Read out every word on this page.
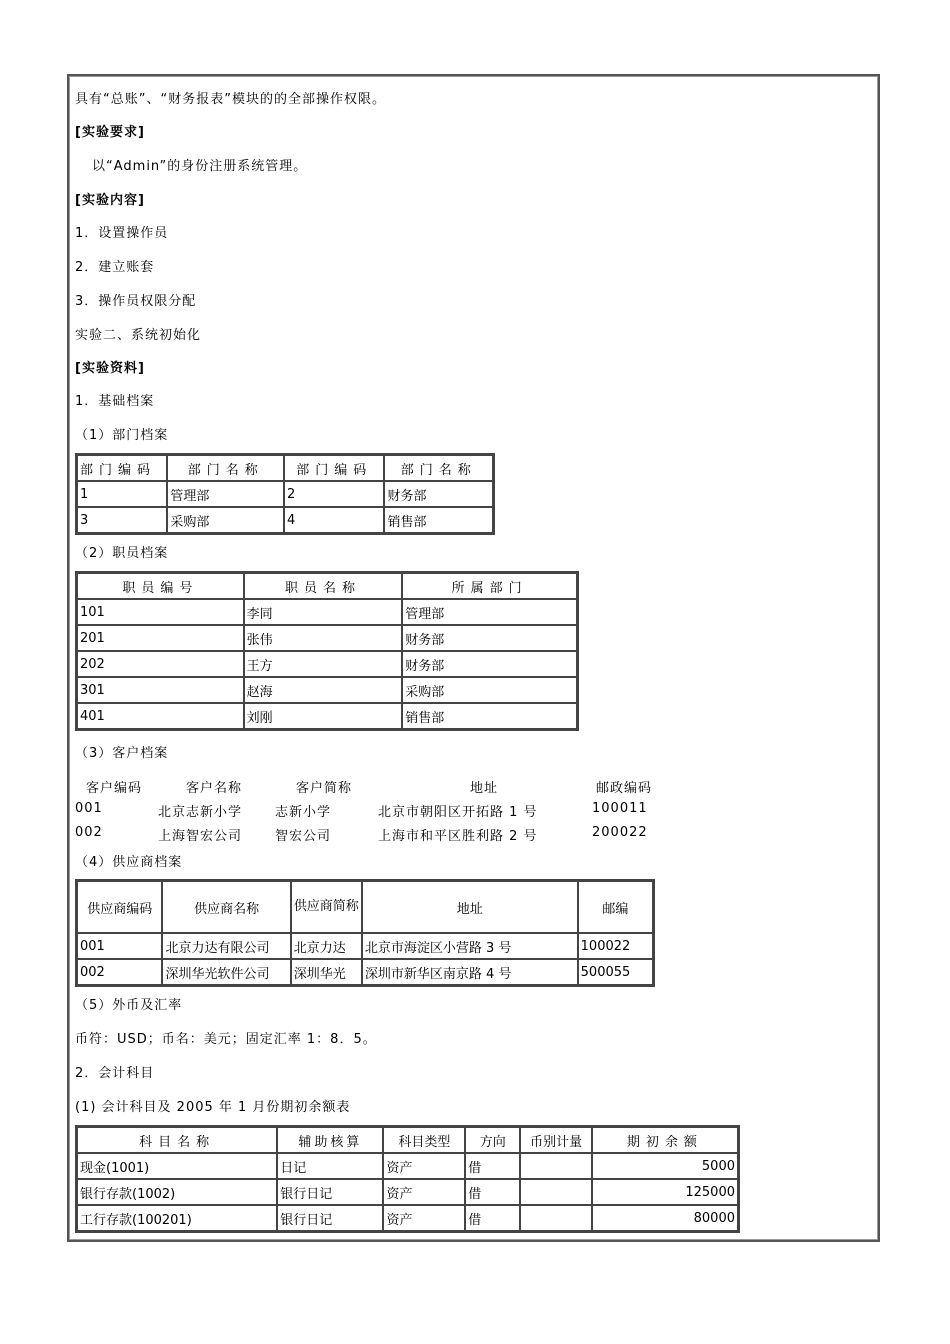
具有“总账”、“财务报表”模块的的全部操作权限。
[实验要求]
以“Admin”的身份注册系统管理。
[实验内容]
1．设置操作员
2．建立账套
3．操作员权限分配
实验二、系统初始化
[实验资料]
1．基础档案
（1）部门档案
部门编码	部门名称	部门编码	部门名称
1	管理部	2	财务部
3	采购部	4	销售部
（2）职员档案
职员编号	职员名称	所属部门
101	李同	管理部
201	张伟	财务部
202	王方	财务部
301	赵海	采购部
401	刘刚	销售部
（3）客户档案
客户编码	客户名称	客户简称	地址	邮政编码
001	北京志新小学	志新小学	北京市朝阳区开拓路 1 号	100011
002	上海智宏公司	智宏公司	上海市和平区胜利路 2 号	200022
（4）供应商档案
供应商编码	供应商名称	供应商简称	地址	邮编
001	北京力达有限公司	北京力达	北京市海淀区小营路 3 号	100022
002	深圳华光软件公司	深圳华光	深圳市新华区南京路 4 号	500055
（5）外币及汇率
币符：USD；币名：美元；固定汇率 1：8．5。
2．会计科目
(1) 会计科目及 2005 年 1 月份期初余额表
科目名称	辅助核算	科目类型	方向	币别计量	期初余额
现金(1001)	日记	资产	借		5000
银行存款(1002)	银行日记	资产	借		125000
工行存款(100201)	银行日记	资产	借		80000
